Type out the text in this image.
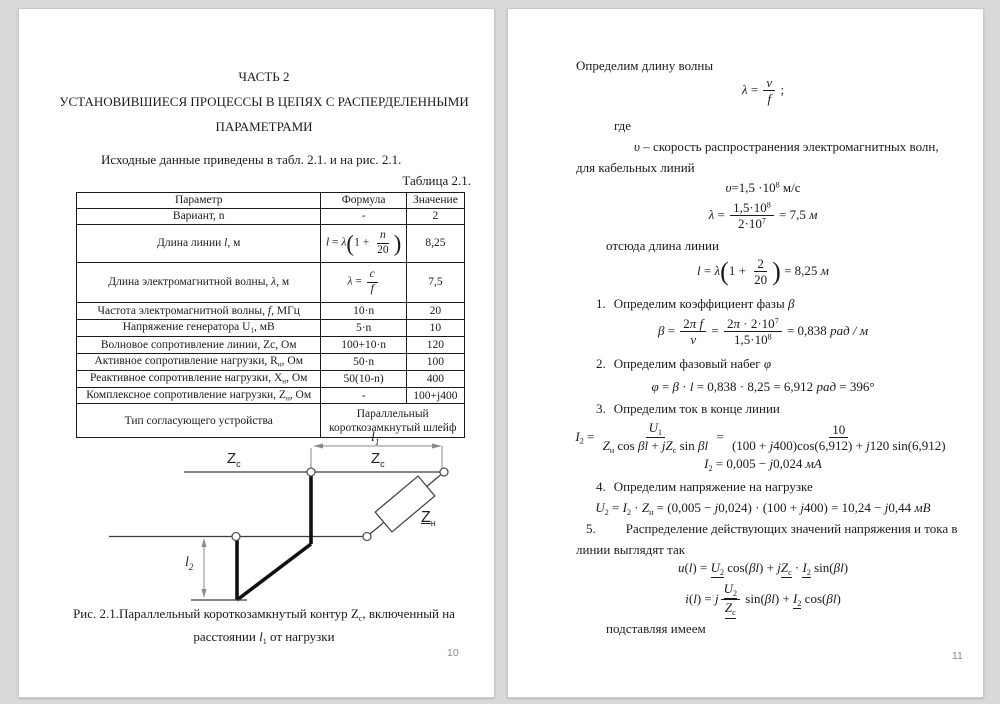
ЧАСТЬ 2
УСТАНОВИВШИЕСЯ ПРОЦЕССЫ В ЦЕПЯХ С РАСПЕРДЕЛЕННЫМИ
ПАРАМЕТРАМИ
Исходные данные приведены в табл. 2.1. и на рис. 2.1.
Таблица 2.1.
Рис. 2.1.Параллельный короткозамкнутый контур $Z_c$, включенный на
расстоянии $l_1$ от нагрузки
Параметр	Формула	Значение
Вариант, n	-	2
Длина линии l, м	l = λ ( $1 + \frac{n}{20}$ )	8,25
Длина электромагнитной волны, λ, м	$\lambda = \frac{c}{f}$	7,5
Частота электромагнитной волны, f, МГц	10·n	20
Напряжение генератора $U_1$, мВ	5·n	10
Волновое сопротивление линии, Zс, Ом	100+10·n	120
Активное сопротивление нагрузки, $R_н$, Ом	50·n	100
Реактивное сопротивление нагрузки, $X_н$, Ом	50(10-n)	400
Комплексное сопротивление нагрузки, $Z_н$, Ом	-	100+j400
Тип согласующего устройства	Параллельный короткозамкнутый шлейф	
$Z_c$	$Z_c$
$Z_н$
$l_1$
$l_2$
10
Определим длину волны
$\lambda = \frac{v}{f}$ ;
где
υ – скорость распространения электромагнитных волн,
для кабельных линий
$\upsilon=1,5 \cdot 10^8$ м/с
$\lambda = \frac{1,5\cdot 10^8}{2\cdot 10^7} = 7,5$ м
отсюда длина линии
l = λ ( $1 + \frac{2}{20}$ ) = 8,25 м
1. Определим коэффициент фазы β
$\beta = \frac{\text{2π f}}{v} = \frac{2\pi \cdot 2\cdot 10^7}{1,5\cdot 10^8} = 0,838$ рад / м
2. Определим фазовый набег φ
φ = β · l = 0,838 · 8,25 = 6,912 рад = 396°
3. Определим ток в конце линии
$I_2 = \frac{U_1}{Z_н \cos \beta l + jZ_c \sin \beta l} = \frac{10}{(100 + j400)\cos(6,912) + j120 \sin(6,912)}$
$I_2 = 0,005 - j0,024$ мА
4. Определим напряжение на нагрузке
$U_2 = I_2 \cdot Z_н = (0,005 - j0,024) \cdot (100 + j400) = 10,24 - j0,44$ мВ
5. Распределение действующих значений напряжения и тока в
линии выглядят так
$u(l) = U_2$ $\cos(\beta l) + jZ_c \cdot I_2$ sin(βl)
i(l) = j $\frac{U_2}{Z_c} \sin(\beta l) + I_2$ cos(βl)
подставляя имеем
11
